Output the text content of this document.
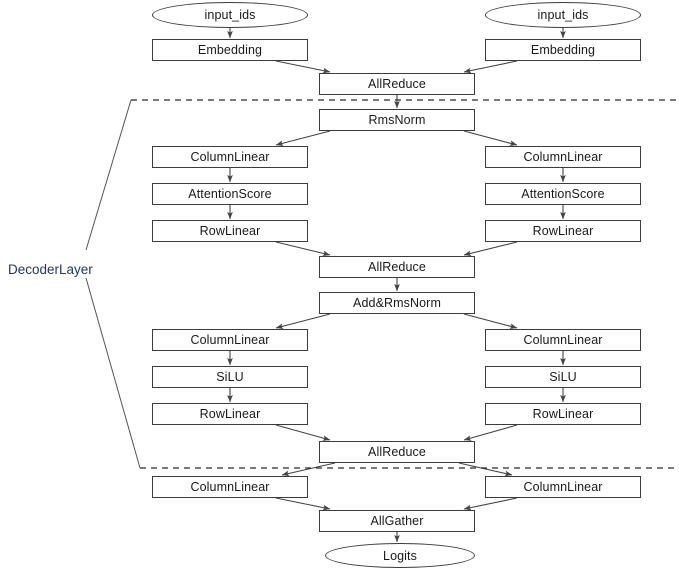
input_ids	input_ids
Embedding	Embedding
AllReduce
RmsNorm
ColumnLinear	ColumnLinear
AttentionScore	AttentionScore
RowLinear	RowLinear
AllReduce
Add&RmsNorm
ColumnLinear	ColumnLinear
SiLU	SiLU
RowLinear	RowLinear
AllReduce
ColumnLinear	ColumnLinear
AllGather
Logits
DecoderLayer
